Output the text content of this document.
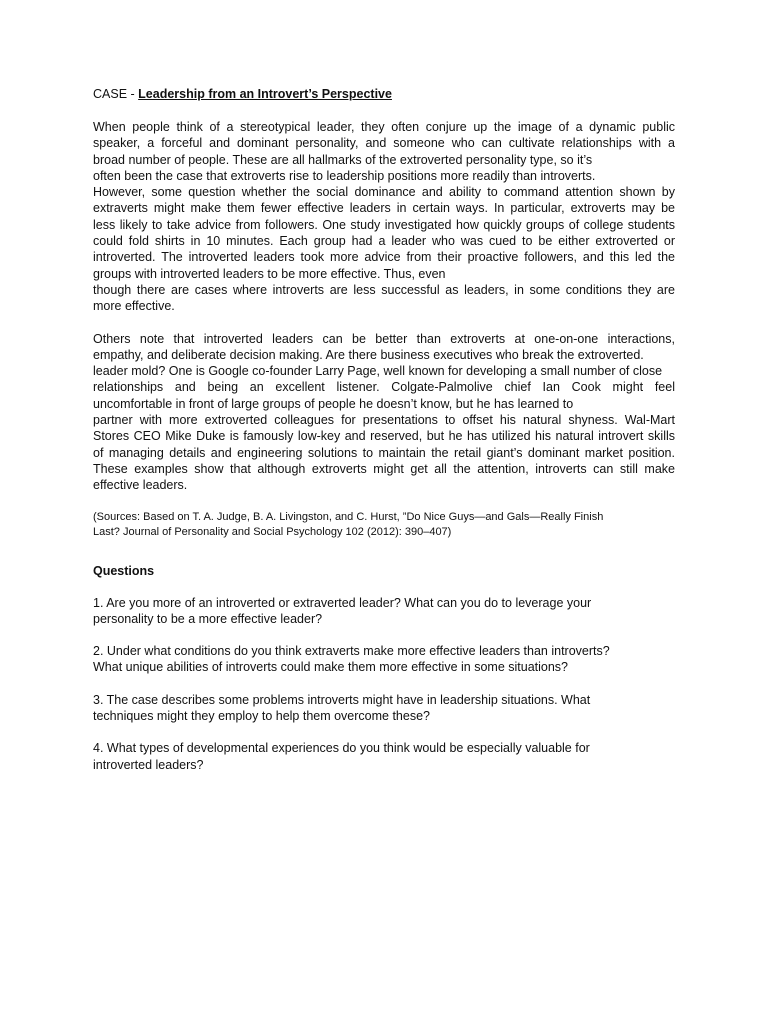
CASE - Leadership from an Introvert’s Perspective
When people think of a stereotypical leader, they often conjure up the image of a dynamic public
speaker, a forceful and dominant personality, and someone who can cultivate relationships with a
broad number of people. These are all hallmarks of the extroverted personality type, so it’s
often been the case that extroverts rise to leadership positions more readily than introverts.
However, some question whether the social dominance and ability to command attention shown by
extraverts might make them fewer effective leaders in certain ways. In particular, extroverts may be
less likely to take advice from followers. One study investigated how quickly groups of college students
could fold shirts in 10 minutes. Each group had a leader who was cued to be either extroverted or
introverted. The introverted leaders took more advice from their proactive followers, and this led the
groups with introverted leaders to be more effective. Thus, even
though there are cases where introverts are less successful as leaders, in some conditions they are
more effective.
Others note that introverted leaders can be better than extroverts at one-on-one interactions,
empathy, and deliberate decision making. Are there business executives who break the extroverted.
leader mold? One is Google co-founder Larry Page, well known for developing a small number of close
relationships and being an excellent listener. Colgate-Palmolive chief Ian Cook might feel
uncomfortable in front of large groups of people he doesn’t know, but he has learned to
partner with more extroverted colleagues for presentations to offset his natural shyness. Wal-Mart
Stores CEO Mike Duke is famously low-key and reserved, but he has utilized his natural introvert skills
of managing details and engineering solutions to maintain the retail giant’s dominant market position.
These examples show that although extroverts might get all the attention, introverts can still make
effective leaders.
(Sources: Based on T. A. Judge, B. A. Livingston, and C. Hurst, ”Do Nice Guys—and Gals—Really Finish
Last? Journal of Personality and Social Psychology 102 (2012): 390–407)
Questions
1. Are you more of an introverted or extraverted leader? What can you do to leverage your
personality to be a more effective leader?
2. Under what conditions do you think extraverts make more effective leaders than introverts?
What unique abilities of introverts could make them more effective in some situations?
3. The case describes some problems introverts might have in leadership situations. What
techniques might they employ to help them overcome these?
4. What types of developmental experiences do you think would be especially valuable for
introverted leaders?
